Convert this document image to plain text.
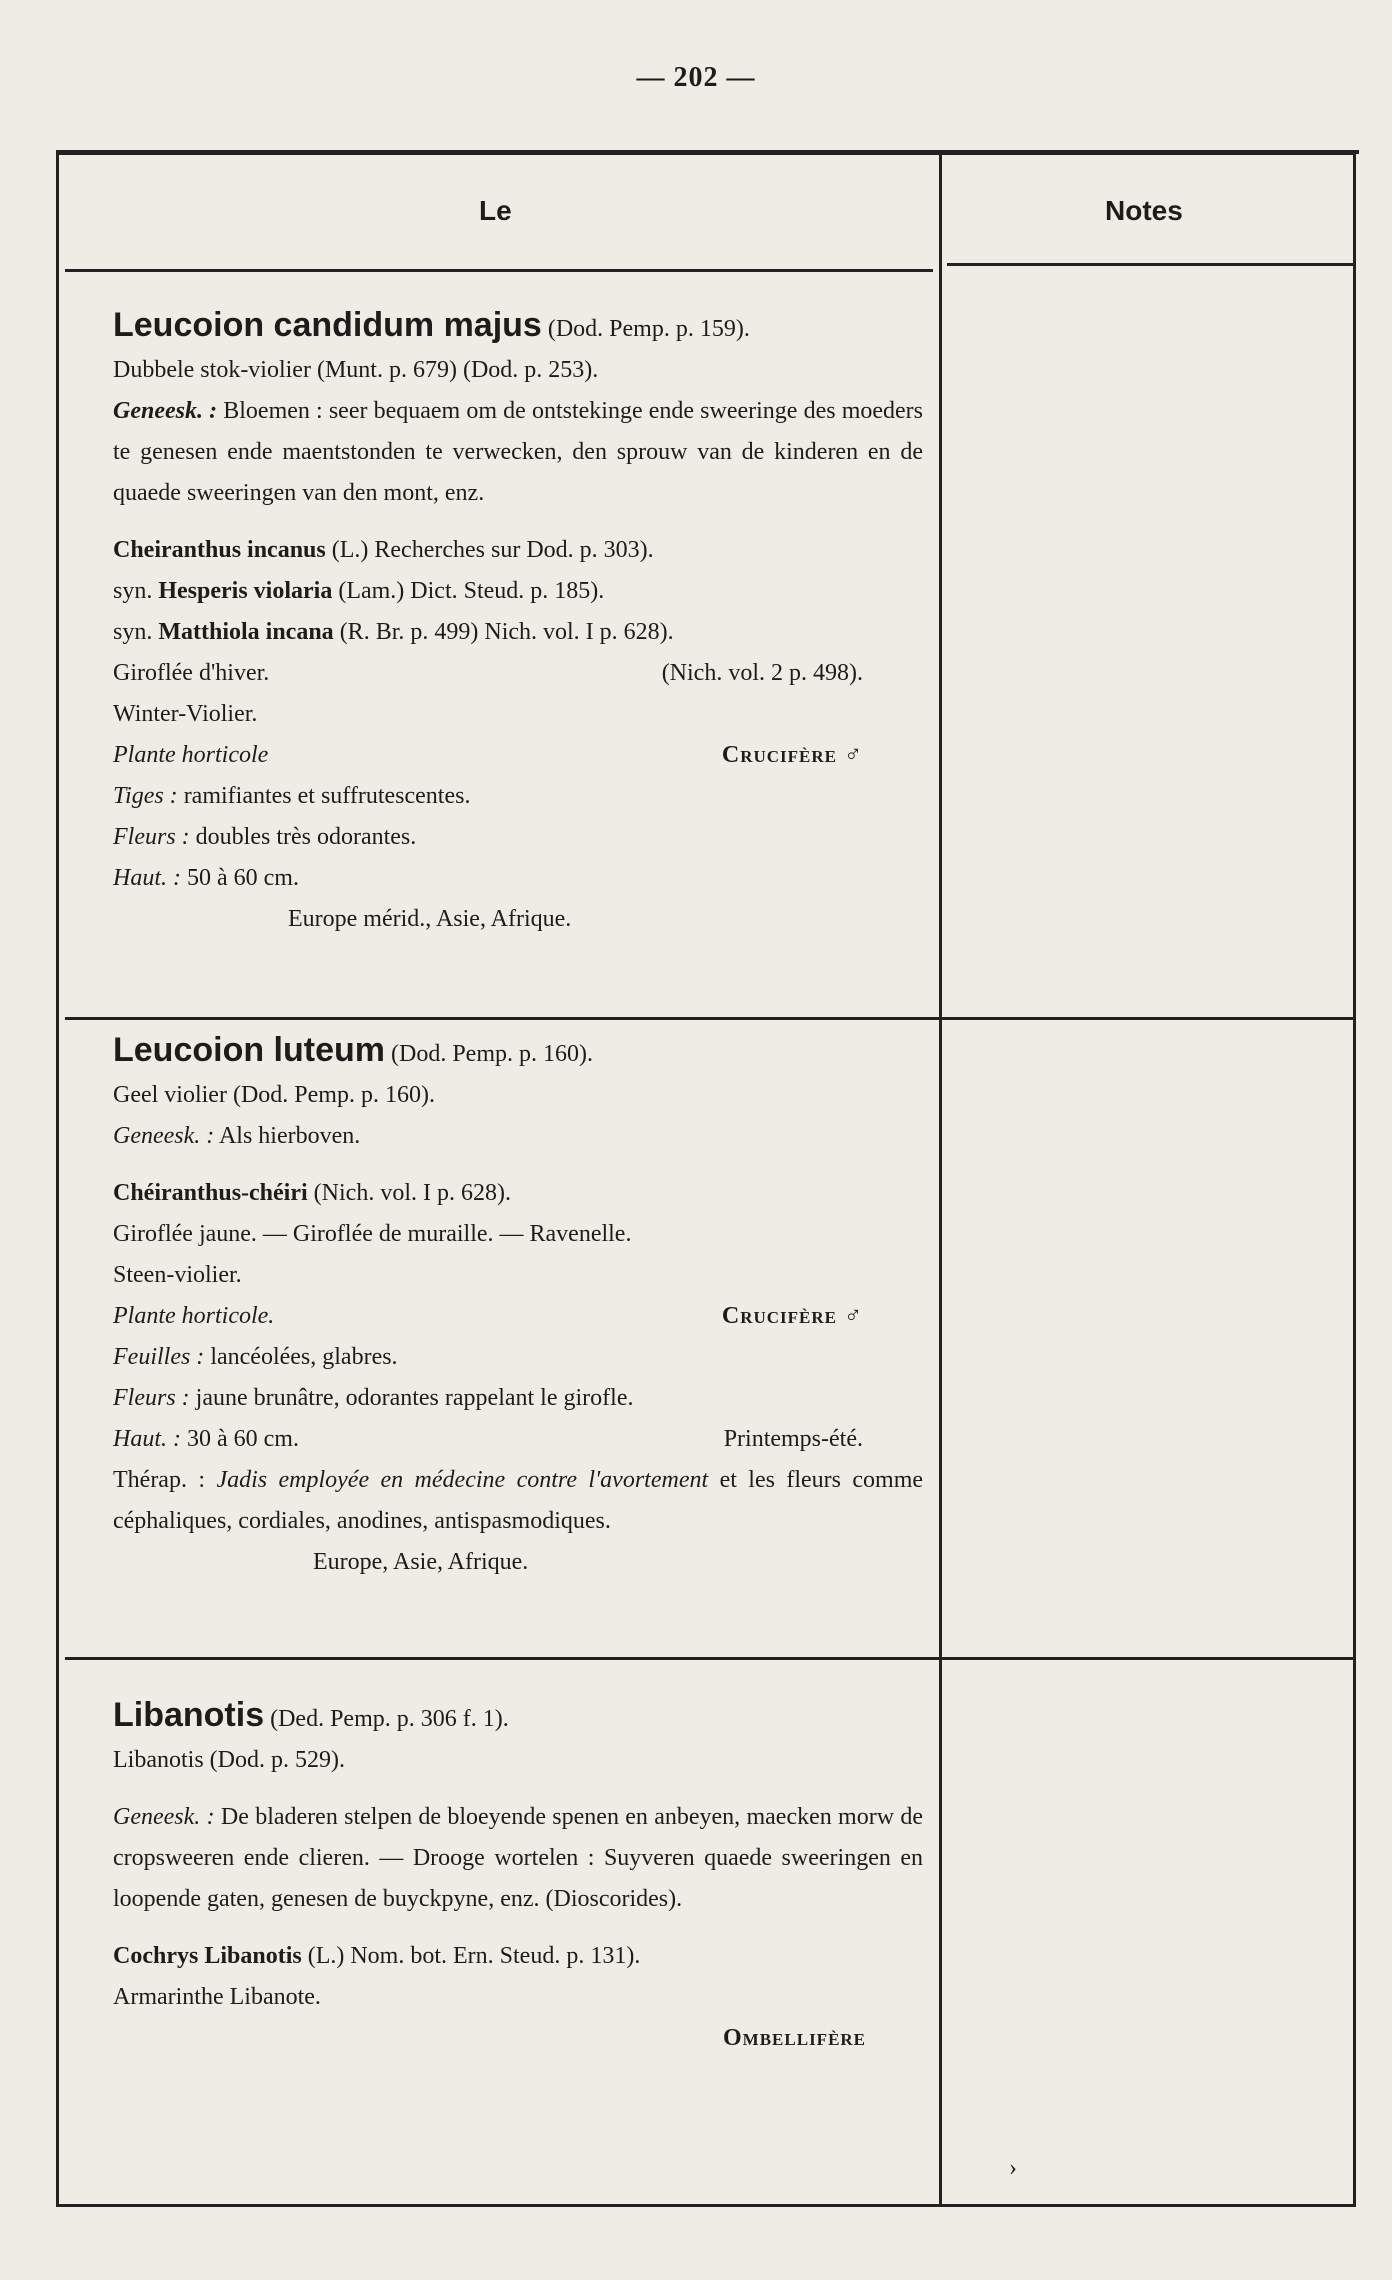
— 202 —
Le	Notes

Leucoion candidum majus (Dod. Pemp. p. 159).

Dubbele stok-violier (Munt. p. 679) (Dod. p. 253).

Geneesk. : Bloemen : seer bequaem om de ontstekinge ende sweeringe des moeders te genesen ende maentstonden te verwecken, den sprouw van de kinderen en de quaede sweeringen van den mont, enz.

Cheiranthus incanus (L.) Recherches sur Dod. p. 303).

syn. Hesperis violaria (Lam.) Dict. Steud. p. 185).

syn. Matthiola incana (R. Br. p. 499) Nich. vol. I p. 628).

Giroflée d'hiver.	(Nich. vol. 2 p. 498).

Winter-Violier.

Plante horticole	Crucifère ♂

Tiges : ramifiantes et suffrutescentes.

Fleurs : doubles très odorantes.

Haut. : 50 à 60 cm.

Europe mérid., Asie, Afrique.

Leucoion luteum (Dod. Pemp. p. 160).

Geel violier (Dod. Pemp. p. 160).

Geneesk. : Als hierboven.

Chéiranthus-chéiri (Nich. vol. I p. 628).

Giroflée jaune. — Giroflée de muraille. — Ravenelle.

Steen-violier.

Plante horticole.	Crucifère ♂

Feuilles : lancéolées, glabres.

Fleurs : jaune brunâtre, odorantes rappelant le girofle.

Haut. : 30 à 60 cm.	Printemps-été.

Thérap. : Jadis employée en médecine contre l'avortement et les fleurs comme céphaliques, cordiales, anodines, antispasmodiques.

Europe, Asie, Afrique.

Libanotis (Ded. Pemp. p. 306 f. 1).

Libanotis (Dod. p. 529).

Geneesk. : De bladeren stelpen de bloeyende spenen en anbeyen, maecken morw de cropsweeren ende clieren. — Drooge wortelen : Suyveren quaede sweeringen en loopende gaten, genesen de buyckpyne, enz. (Dioscorides).

Cochrys Libanotis (L.) Nom. bot. Ern. Steud. p. 131).

Armarinthe Libanote.

Ombellifère

›
